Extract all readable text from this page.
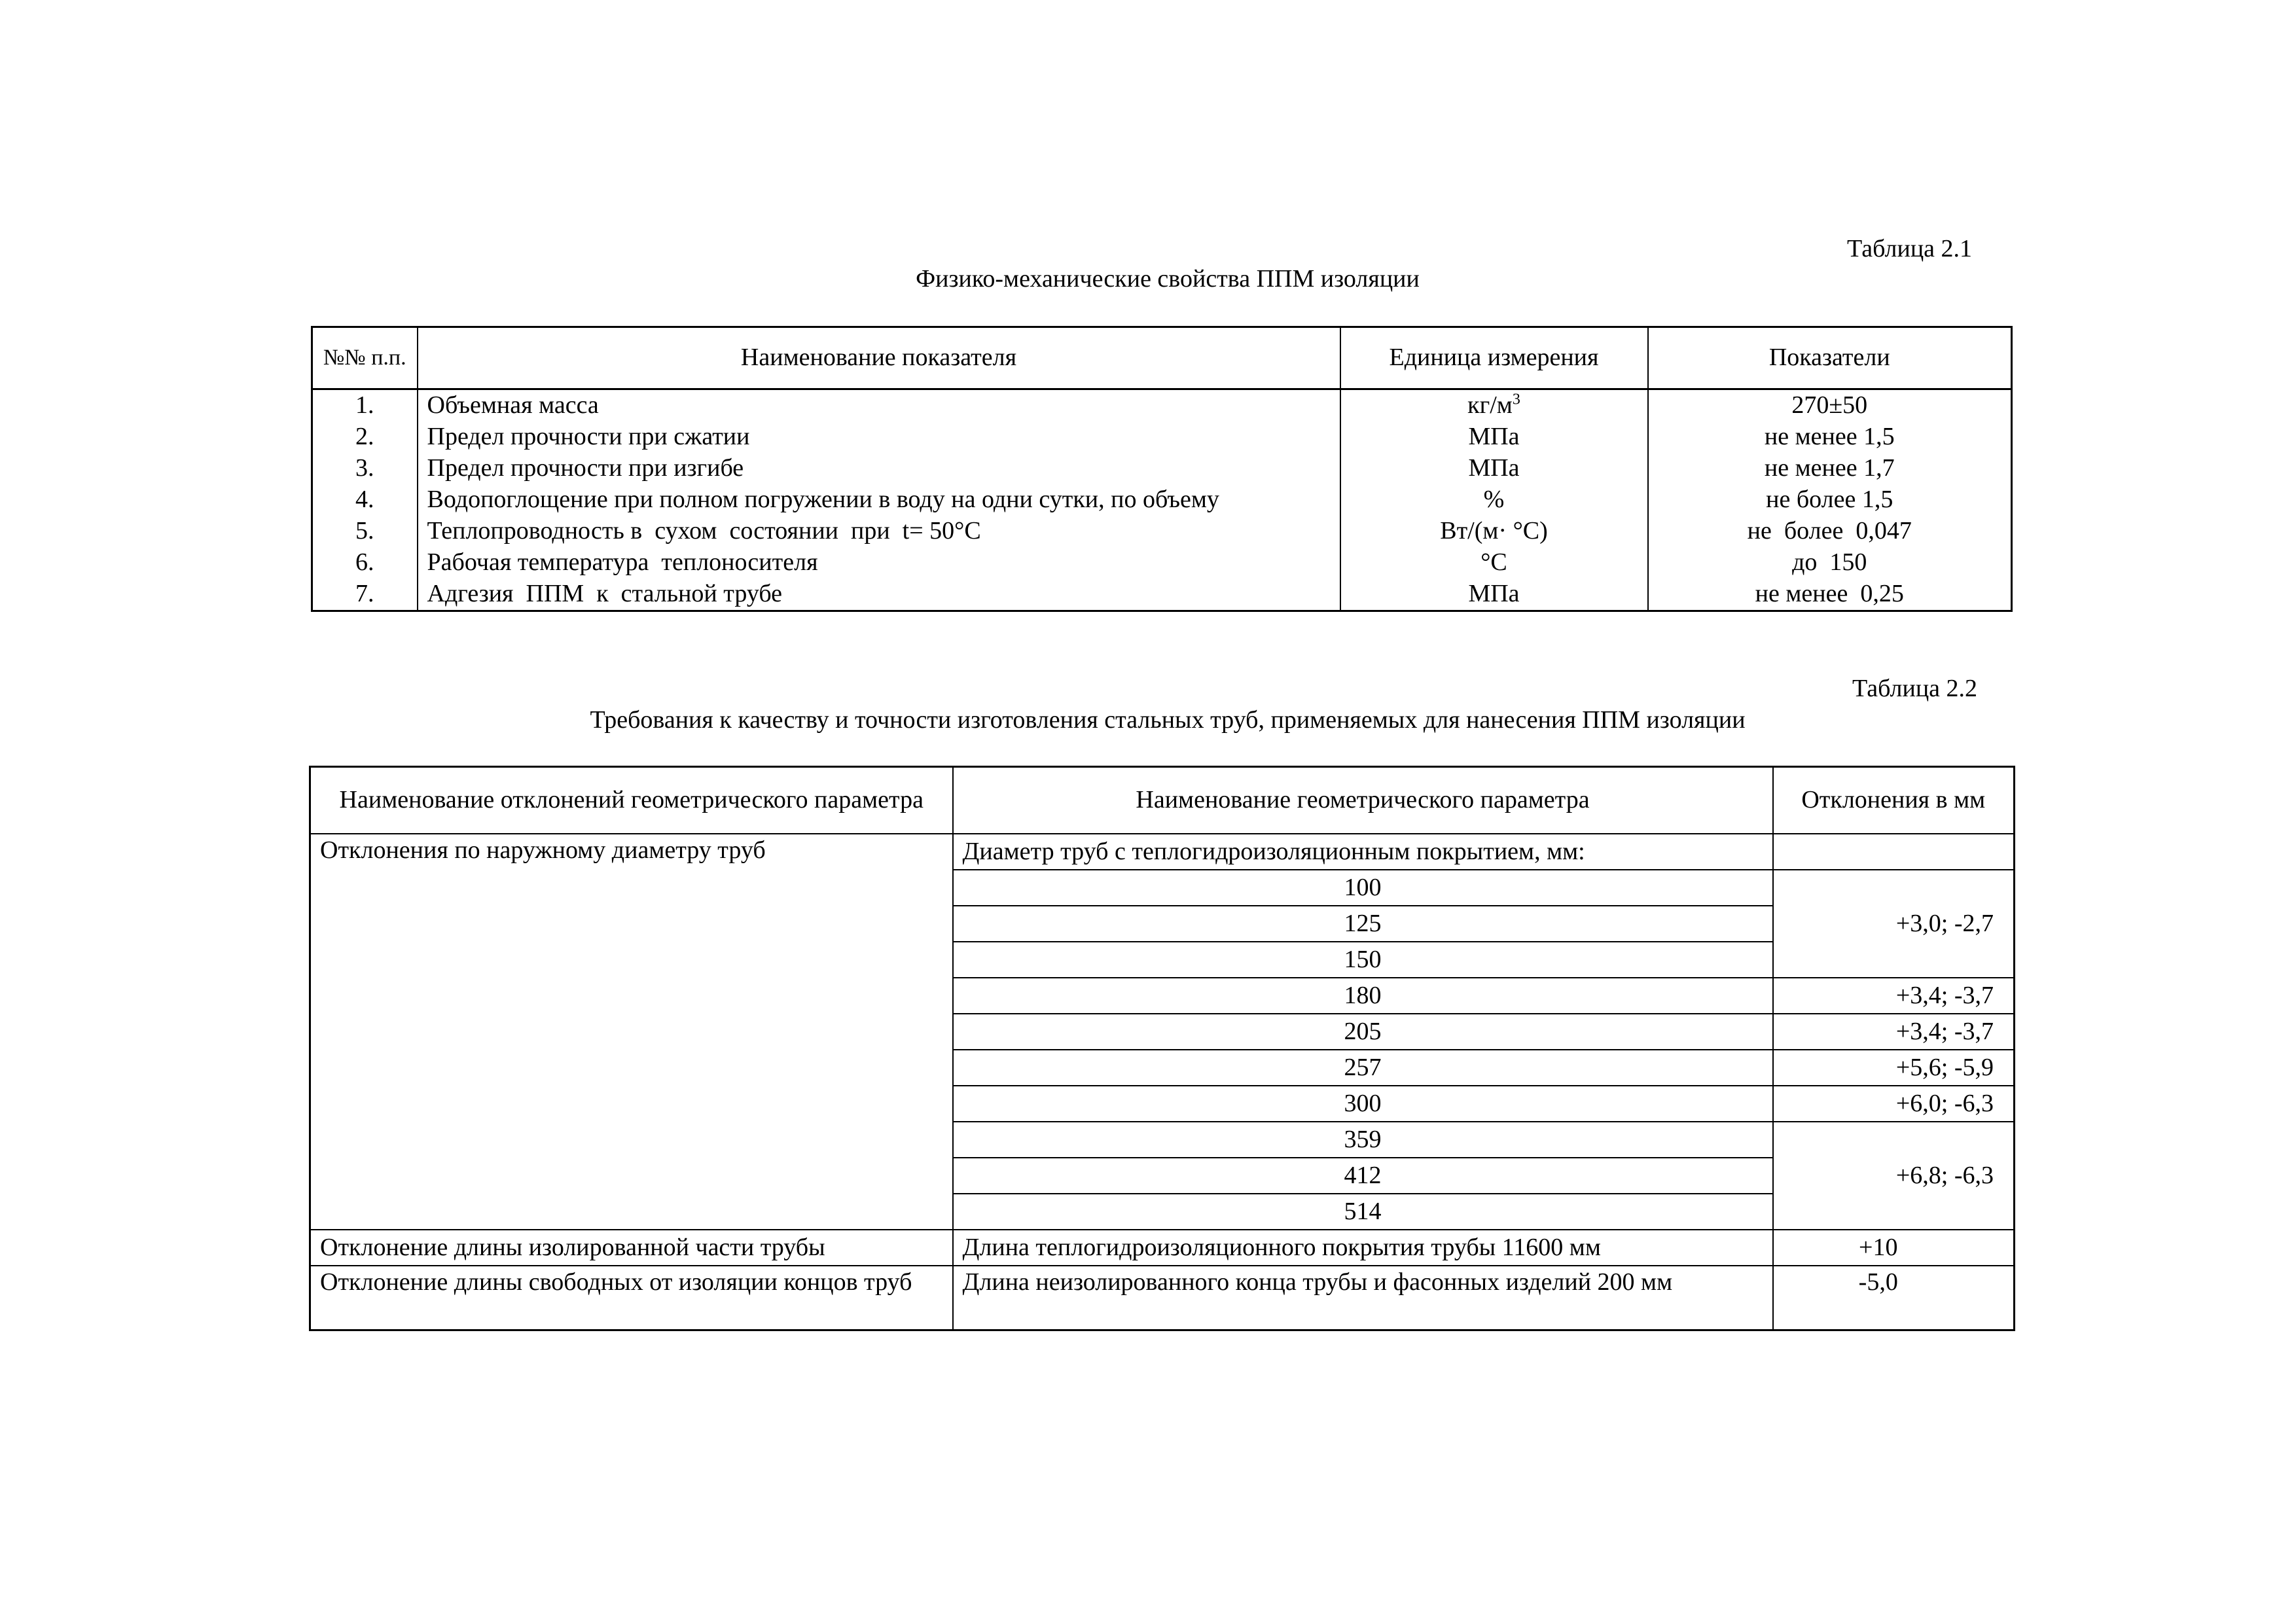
Таблица 2.1
Физико-механические свойства ППМ изоляции
№№ п.п.	Наименование показателя	Единица измерения	Показатели
1.	Объемная масса	$кг/м^3$	270±50
2.	Предел прочности при сжатии	МПа	не менее 1,5
3.	Предел прочности при изгибе	МПа	не менее 1,7
4.	Водопоглощение при полном погружении в воду на одни сутки, по объему	%	не более 1,5
5.	Теплопроводность в  сухом  состоянии  при  t= 50°С	Вт/(м· °С)	не  более  0,047
6.	Рабочая температура  теплоносителя	°С	до  150
7.	Адгезия  ППМ  к  стальной трубе	МПа	не менее  0,25
Таблица 2.2
Требования к качеству и точности изготовления стальных труб, применяемых для нанесения ППМ изоляции
Наименование отклонений геометрического параметра	Наименование геометрического параметра	Отклонения в мм
Отклонения по наружному диаметру труб	Диаметр труб с теплогидроизоляционным покрытием, мм:	
	100	+3,0; -2,7
	125	
	150	
	180	+3,4; -3,7
	205	+3,4; -3,7
	257	+5,6; -5,9
	300	+6,0; -6,3
	359	+6,8; -6,3
	412	
	514	
Отклонение длины изолированной части трубы	Длина теплогидроизоляционного покрытия трубы 11600 мм	+10
Отклонение длины свободных от изоляции концов труб	Длина неизолированного конца трубы и фасонных изделий 200 мм	-5,0
